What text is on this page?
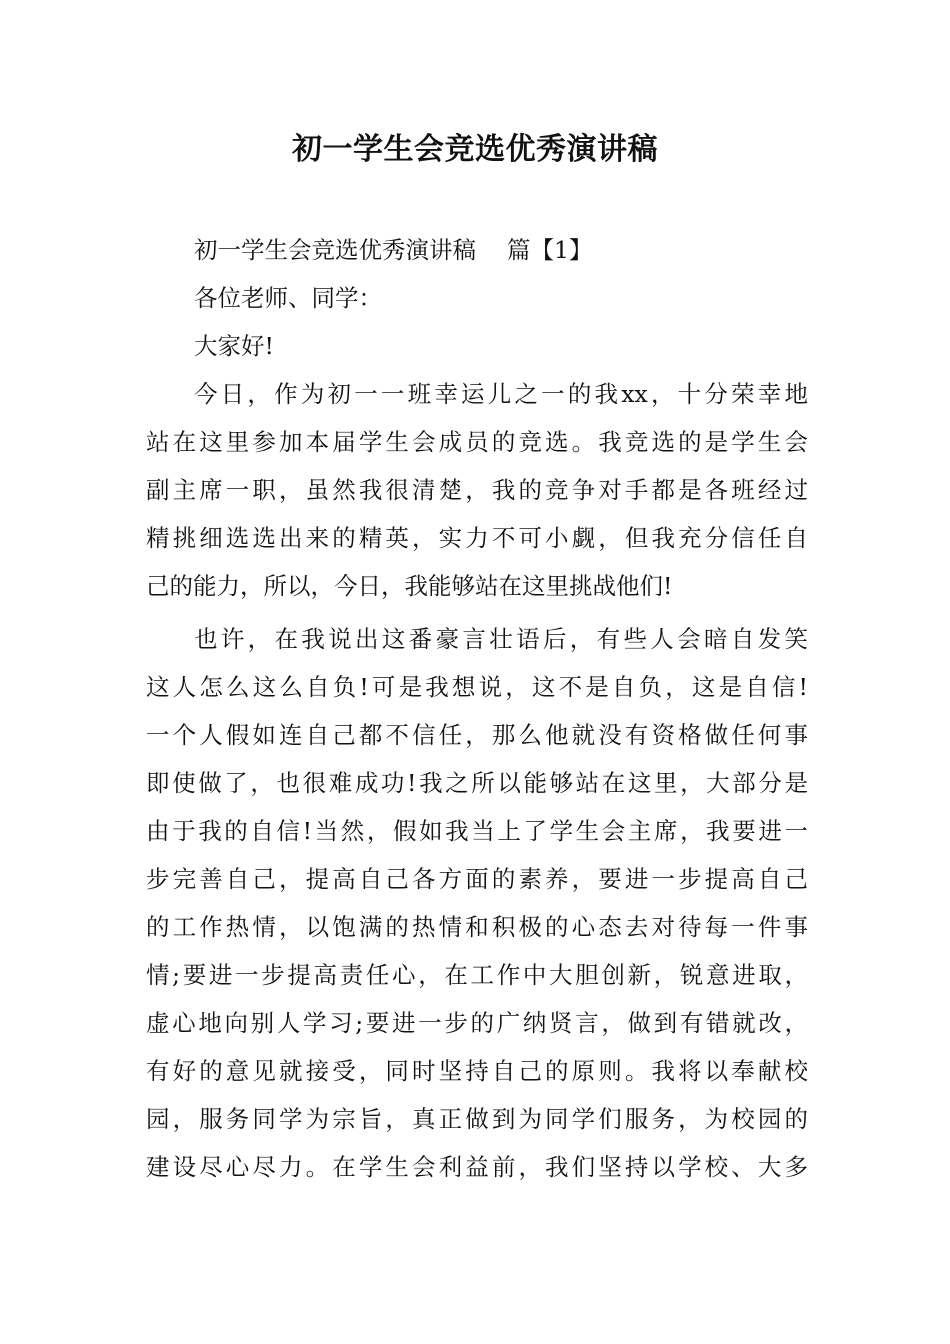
初一学生会竞选优秀演讲稿
初一学生会竞选优秀演讲稿　 篇【1】
各位老师、同学：
大家好!
今日，作为初一一班幸运儿之一的我xx，十分荣幸地
站在这里参加本届学生会成员的竞选。我竞选的是学生会
副主席一职，虽然我很清楚，我的竞争对手都是各班经过
精挑细选选出来的精英，实力不可小觑，但我充分信任自
己的能力，所以，今日，我能够站在这里挑战他们!
也许，在我说出这番豪言壮语后，有些人会暗自发笑
这人怎么这么自负!可是我想说，这不是自负，这是自信!
一个人假如连自己都不信任，那么他就没有资格做任何事
即使做了，也很难成功!我之所以能够站在这里，大部分是
由于我的自信!当然，假如我当上了学生会主席，我要进一
步完善自己，提高自己各方面的素养，要进一步提高自己
的工作热情，以饱满的热情和积极的心态去对待每一件事
情;要进一步提高责任心，在工作中大胆创新，锐意进取，
虚心地向别人学习;要进一步的广纳贤言，做到有错就改，
有好的意见就接受，同时坚持自己的原则。我将以奉献校
园，服务同学为宗旨，真正做到为同学们服务，为校园的
建设尽心尽力。在学生会利益前，我们坚持以学校、大多
